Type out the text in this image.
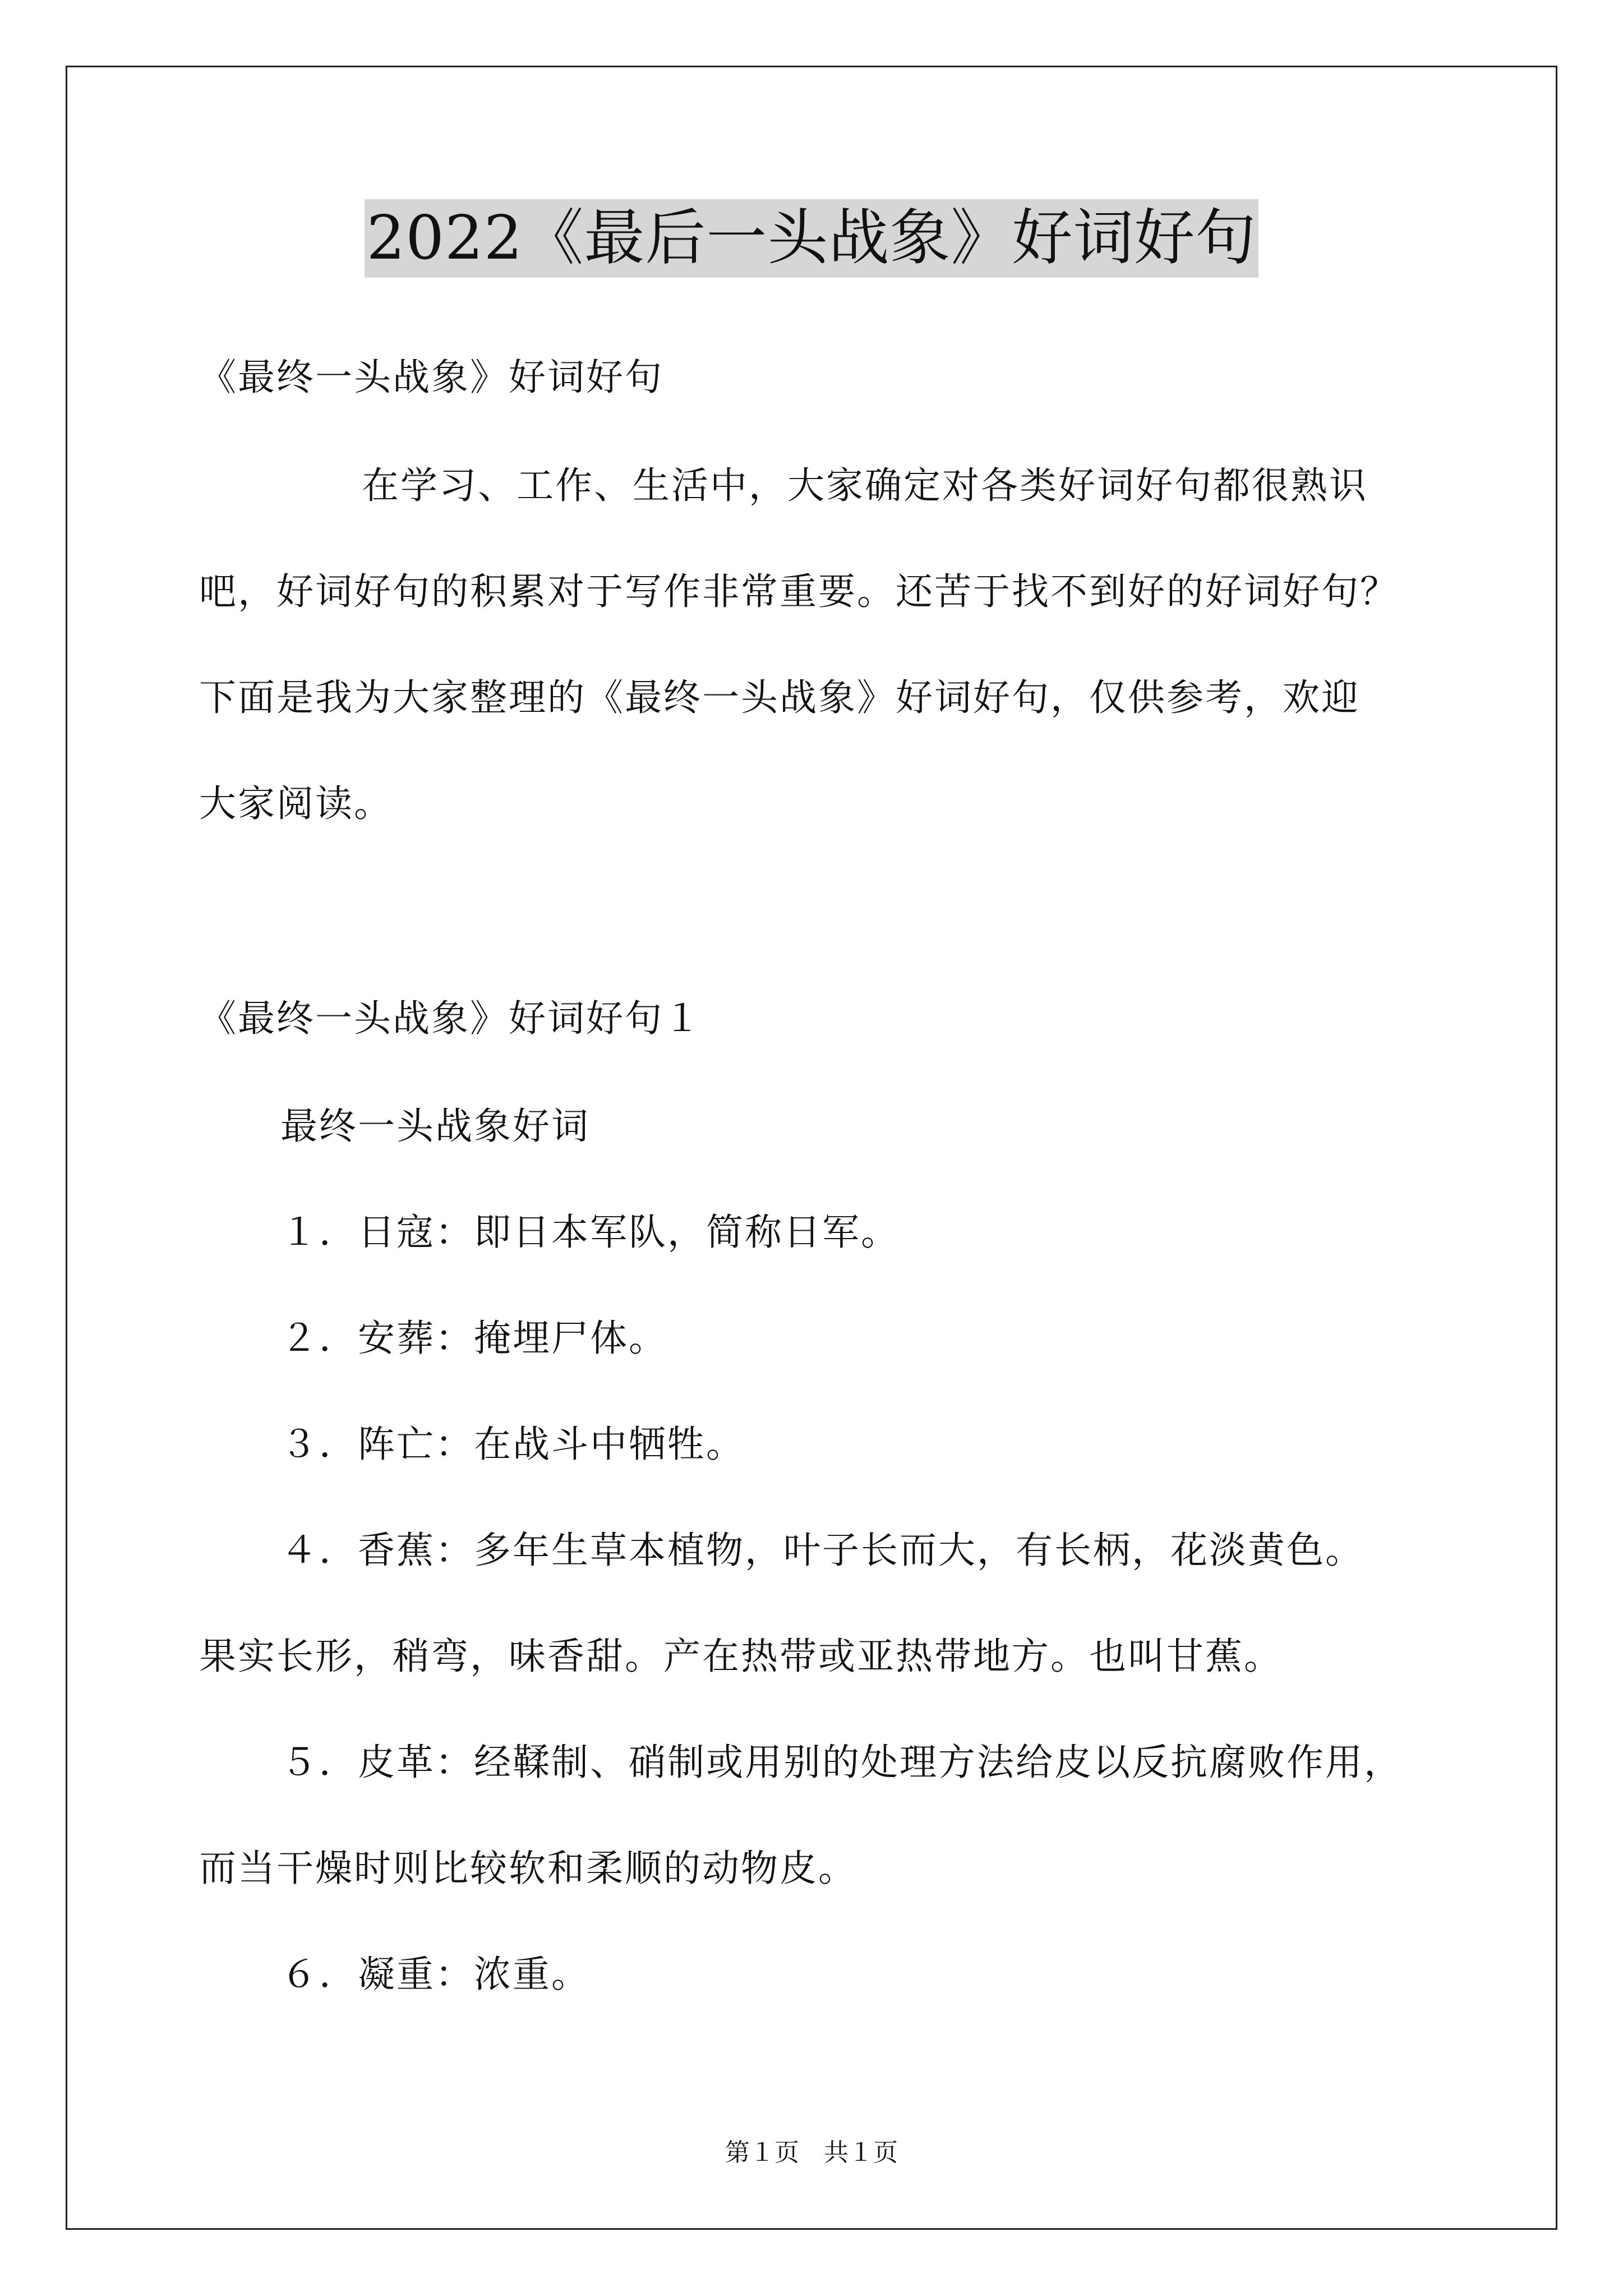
2022《最后一头战象》好词好句
《最终一头战象》好词好句
在学习、工作、生活中，大家确定对各类好词好句都很熟识
吧，好词好句的积累对于写作非常重要。还苦于找不到好的好词好句？
下面是我为大家整理的《最终一头战象》好词好句，仅供参考，欢迎
大家阅读。
《最终一头战象》好词好句１
最终一头战象好词
１．日寇：即日本军队，简称日军。
２．安葬：掩埋尸体。
３．阵亡：在战斗中牺牲。
４．香蕉：多年生草本植物，叶子长而大，有长柄，花淡黄色。
果实长形，稍弯，味香甜。产在热带或亚热带地方。也叫甘蕉。
５．皮革：经鞣制、硝制或用别的处理方法给皮以反抗腐败作用，
而当干燥时则比较软和柔顺的动物皮。
６．凝重：浓重。
第１页　共１页
